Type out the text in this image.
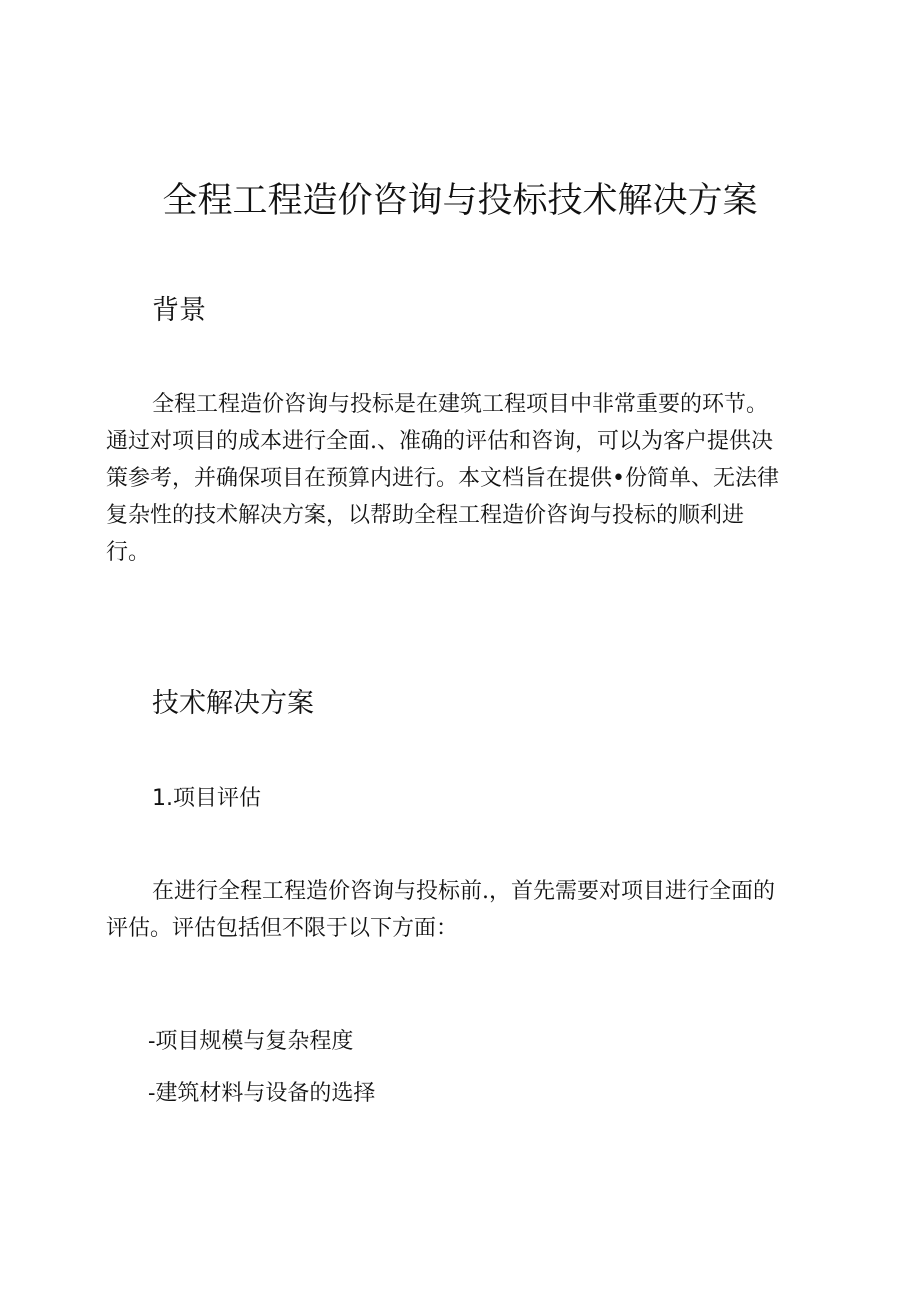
全程工程造价咨询与投标技术解决方案
背景
全程工程造价咨询与投标是在建筑工程项目中非常重要的环节。
通过对项目的成本进行全面.、准确的评估和咨询，可以为客户提供决
策参考，并确保项目在预算内进行。本文档旨在提供•份简单、无法律
复杂性的技术解决方案，以帮助全程工程造价咨询与投标的顺利进
行。
技术解决方案
1.项目评估
在进行全程工程造价咨询与投标前.，首先需要对项目进行全面的
评估。评估包括但不限于以下方面：

-项目规模与复杂程度

-建筑材料与设备的选择
